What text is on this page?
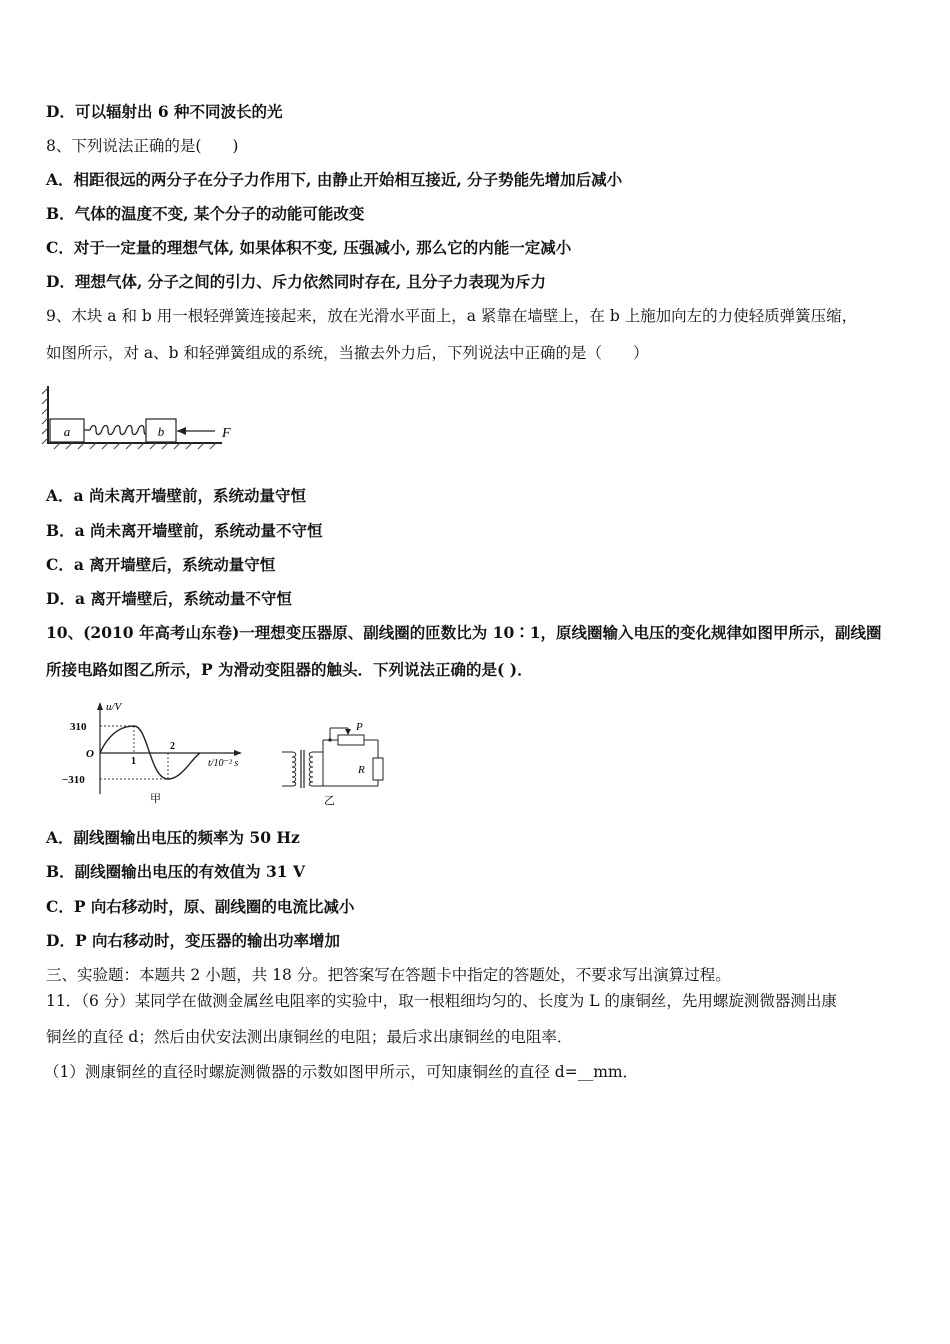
D．可以辐射出 6 种不同波长的光
8、下列说法正确的是(　　)
A．相距很远的两分子在分子力作用下, 由静止开始相互接近, 分子势能先增加后减小
B．气体的温度不变, 某个分子的动能可能改变
C．对于一定量的理想气体, 如果体积不变, 压强减小, 那么它的内能一定减小
D．理想气体, 分子之间的引力、斥力依然同时存在, 且分子力表现为斥力
9、木块 a 和 b 用一根轻弹簧连接起来，放在光滑水平面上，a 紧靠在墙壁上，在 b 上施加向左的力使轻质弹簧压缩，
如图所示，对 a、b 和轻弹簧组成的系统，当撤去外力后，下列说法中正确的是（　　）
a	b	F
A．a 尚未离开墙壁前，系统动量守恒
B．a 尚未离开墙壁前，系统动量不守恒
C．a 离开墙壁后，系统动量守恒
D．a 离开墙壁后，系统动量不守恒
10、(2010 年高考山东卷)一理想变压器原、副线圈的匝数比为 10∶1，原线圈输入电压的变化规律如图甲所示，副线圈
所接电路如图乙所示，P 为滑动变阻器的触头．下列说法正确的是( )．
u/V
310
O
−310
1
2
t/10⁻² s
甲
P
R
乙
A．副线圈输出电压的频率为 50 Hz
B．副线圈输出电压的有效值为 31 V
C．P 向右移动时，原、副线圈的电流比减小
D．P 向右移动时，变压器的输出功率增加
三、实验题：本题共 2 小题，共 18 分。把答案写在答题卡中指定的答题处，不要求写出演算过程。
11．（6 分）某同学在做测金属丝电阻率的实验中，取一根粗细均匀的、长度为 L 的康铜丝，先用螺旋测微器测出康
铜丝的直径 d；然后由伏安法测出康铜丝的电阻；最后求出康铜丝的电阻率．
（1）测康铜丝的直径时螺旋测微器的示数如图甲所示，可知康铜丝的直径 d=__mm．
